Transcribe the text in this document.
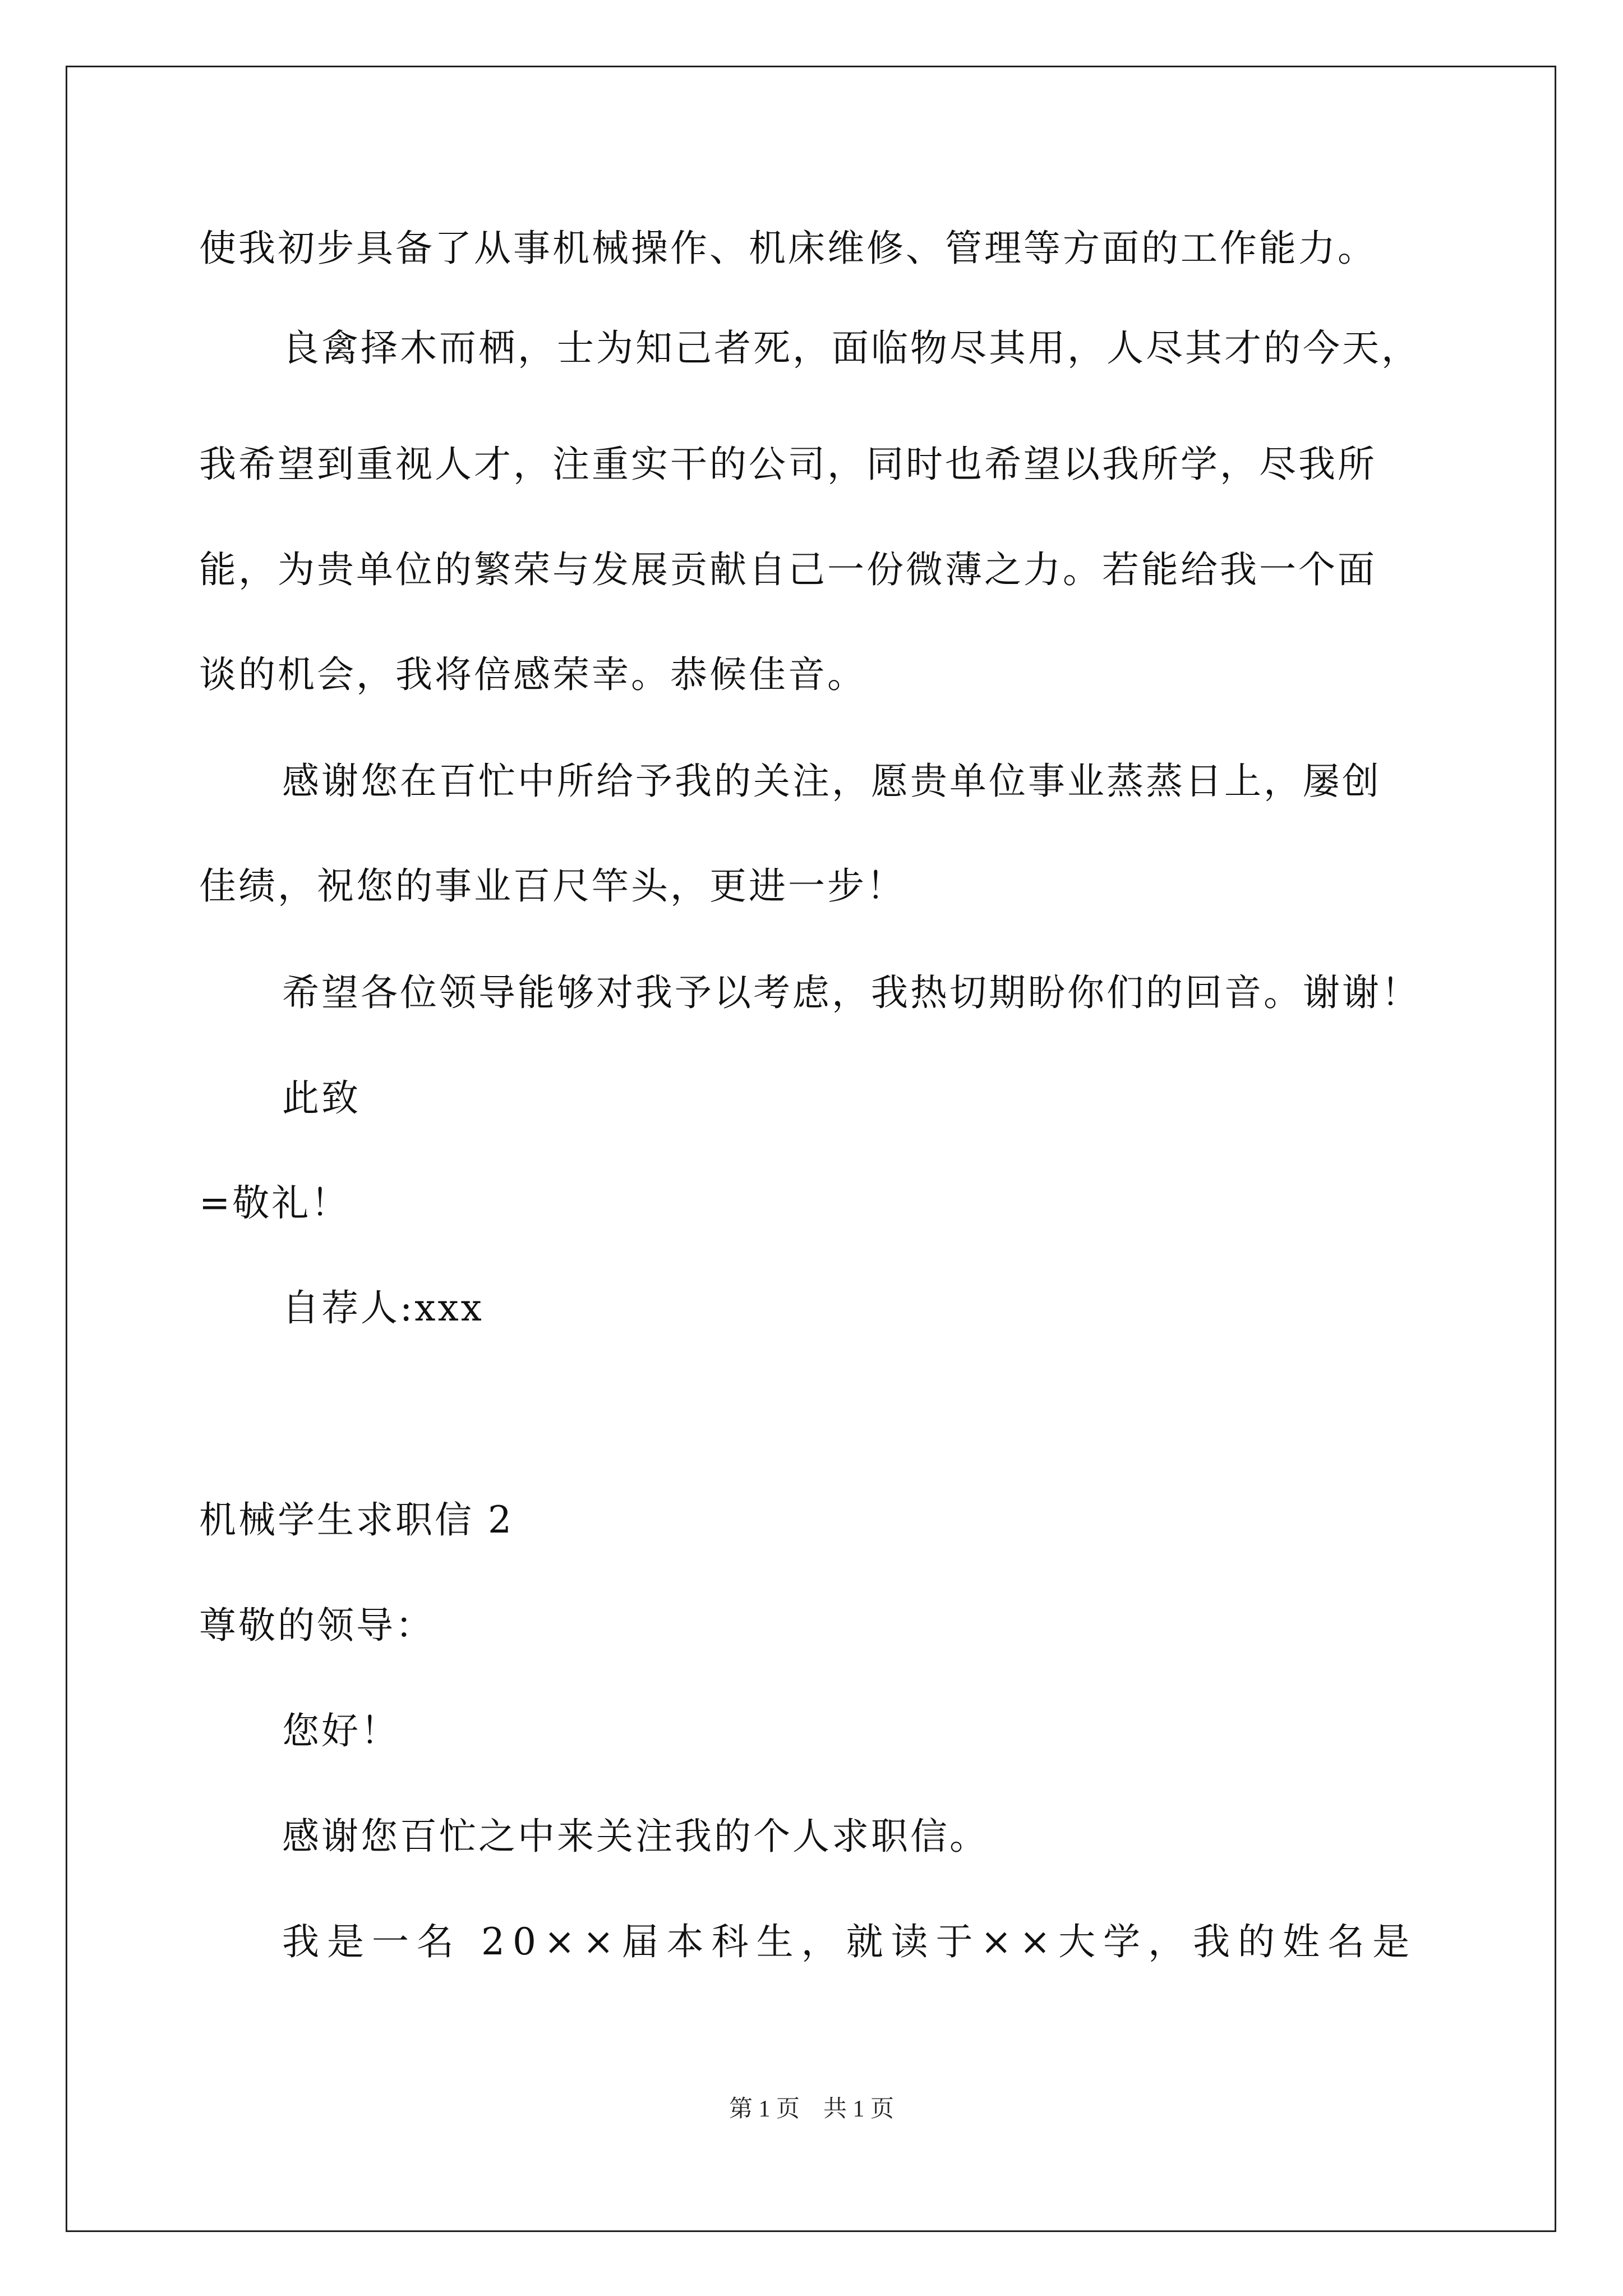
使我初步具备了从事机械操作、机床维修、管理等方面的工作能力。
良禽择木而栖，士为知己者死，面临物尽其用，人尽其才的今天，
我希望到重视人才，注重实干的公司，同时也希望以我所学，尽我所
能，为贵单位的繁荣与发展贡献自己一份微薄之力。若能给我一个面
谈的机会，我将倍感荣幸。恭候佳音。
感谢您在百忙中所给予我的关注，愿贵单位事业蒸蒸日上，屡创
佳绩，祝您的事业百尺竿头，更进一步！
希望各位领导能够对我予以考虑，我热切期盼你们的回音。谢谢！
此致
=敬礼！
自荐人:xxx
机械学生求职信 2
尊敬的领导：
您好！
感谢您百忙之中来关注我的个人求职信。
我是一名 20××届本科生，就读于××大学，我的姓名是
第 1 页　共 1 页
